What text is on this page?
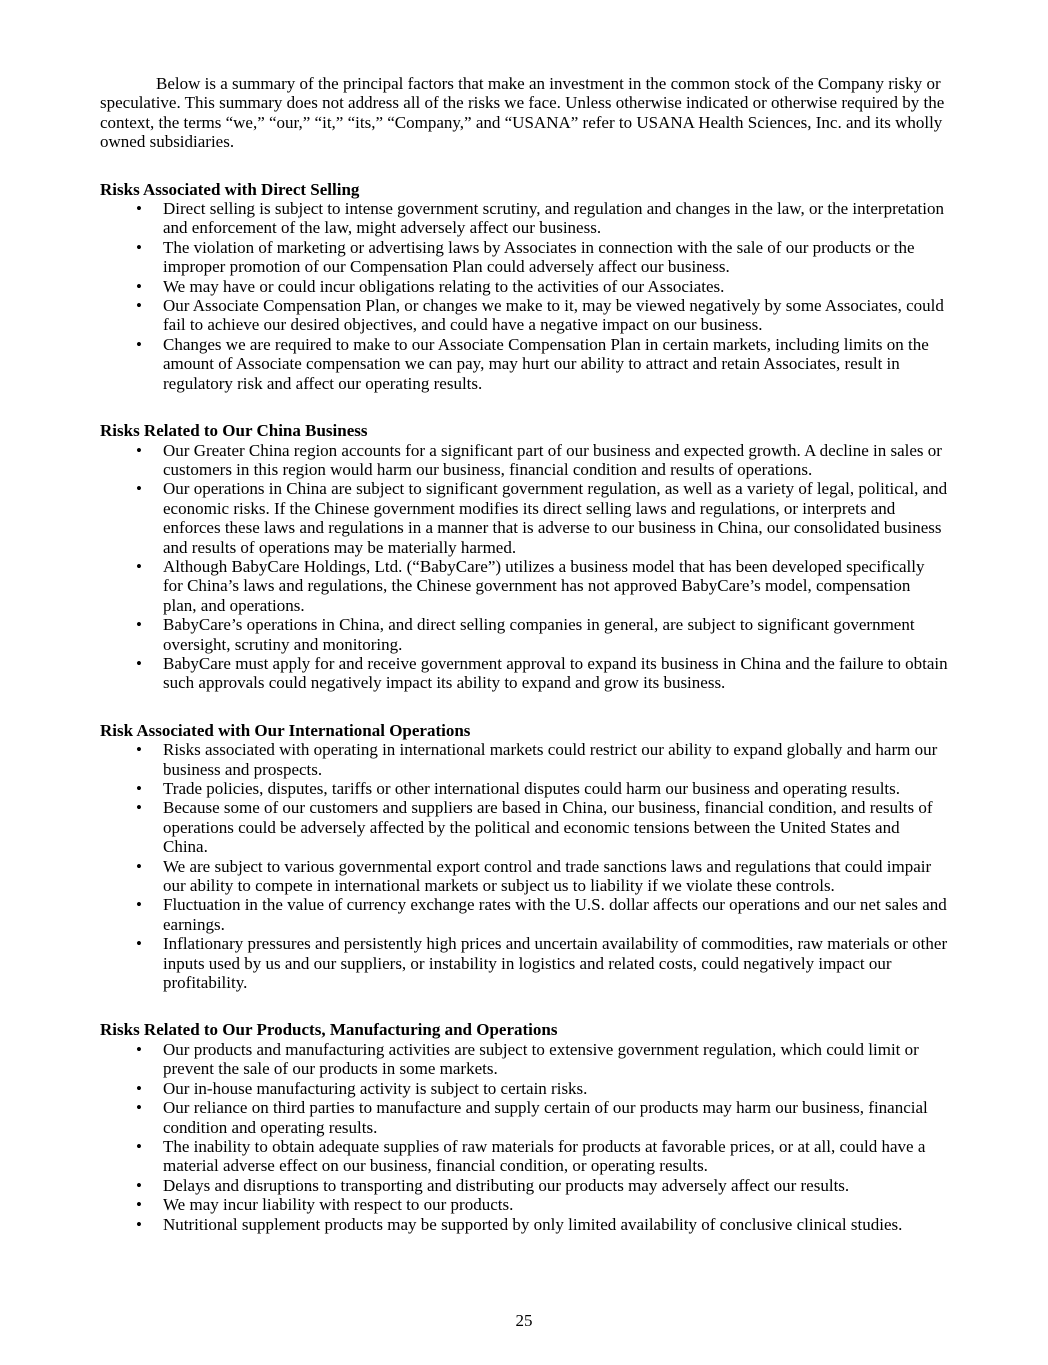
Below is a summary of the principal factors that make an investment in the common stock of the Company risky or speculative. This summary does not address all of the risks we face. Unless otherwise indicated or otherwise required by the context, the terms “we,” “our,” “it,” “its,” “Company,” and “USANA” refer to USANA Health Sciences, Inc. and its wholly owned subsidiaries.

Risks Associated with Direct Selling
• Direct selling is subject to intense government scrutiny, and regulation and changes in the law, or the interpretation and enforcement of the law, might adversely affect our business.
• The violation of marketing or advertising laws by Associates in connection with the sale of our products or the improper promotion of our Compensation Plan could adversely affect our business.
• We may have or could incur obligations relating to the activities of our Associates.
• Our Associate Compensation Plan, or changes we make to it, may be viewed negatively by some Associates, could fail to achieve our desired objectives, and could have a negative impact on our business.
• Changes we are required to make to our Associate Compensation Plan in certain markets, including limits on the amount of Associate compensation we can pay, may hurt our ability to attract and retain Associates, result in regulatory risk and affect our operating results.
Risks Related to Our China Business
• Our Greater China region accounts for a significant part of our business and expected growth. A decline in sales or customers in this region would harm our business, financial condition and results of operations.
• Our operations in China are subject to significant government regulation, as well as a variety of legal, political, and economic risks. If the Chinese government modifies its direct selling laws and regulations, or interprets and enforces these laws and regulations in a manner that is adverse to our business in China, our consolidated business and results of operations may be materially harmed.
• Although BabyCare Holdings, Ltd. (“BabyCare”) utilizes a business model that has been developed specifically for China’s laws and regulations, the Chinese government has not approved BabyCare’s model, compensation plan, and operations.
• BabyCare’s operations in China, and direct selling companies in general, are subject to significant government oversight, scrutiny and monitoring.
• BabyCare must apply for and receive government approval to expand its business in China and the failure to obtain such approvals could negatively impact its ability to expand and grow its business.
Risk Associated with Our International Operations
• Risks associated with operating in international markets could restrict our ability to expand globally and harm our business and prospects.
• Trade policies, disputes, tariffs or other international disputes could harm our business and operating results.
• Because some of our customers and suppliers are based in China, our business, financial condition, and results of operations could be adversely affected by the political and economic tensions between the United States and China.
• We are subject to various governmental export control and trade sanctions laws and regulations that could impair our ability to compete in international markets or subject us to liability if we violate these controls.
• Fluctuation in the value of currency exchange rates with the U.S. dollar affects our operations and our net sales and earnings.
• Inflationary pressures and persistently high prices and uncertain availability of commodities, raw materials or other inputs used by us and our suppliers, or instability in logistics and related costs, could negatively impact our profitability.
Risks Related to Our Products, Manufacturing and Operations
• Our products and manufacturing activities are subject to extensive government regulation, which could limit or prevent the sale of our products in some markets.
• Our in-house manufacturing activity is subject to certain risks.
• Our reliance on third parties to manufacture and supply certain of our products may harm our business, financial condition and operating results.
• The inability to obtain adequate supplies of raw materials for products at favorable prices, or at all, could have a material adverse effect on our business, financial condition, or operating results.
• Delays and disruptions to transporting and distributing our products may adversely affect our results.
• We may incur liability with respect to our products.
• Nutritional supplement products may be supported by only limited availability of conclusive clinical studies.
25
